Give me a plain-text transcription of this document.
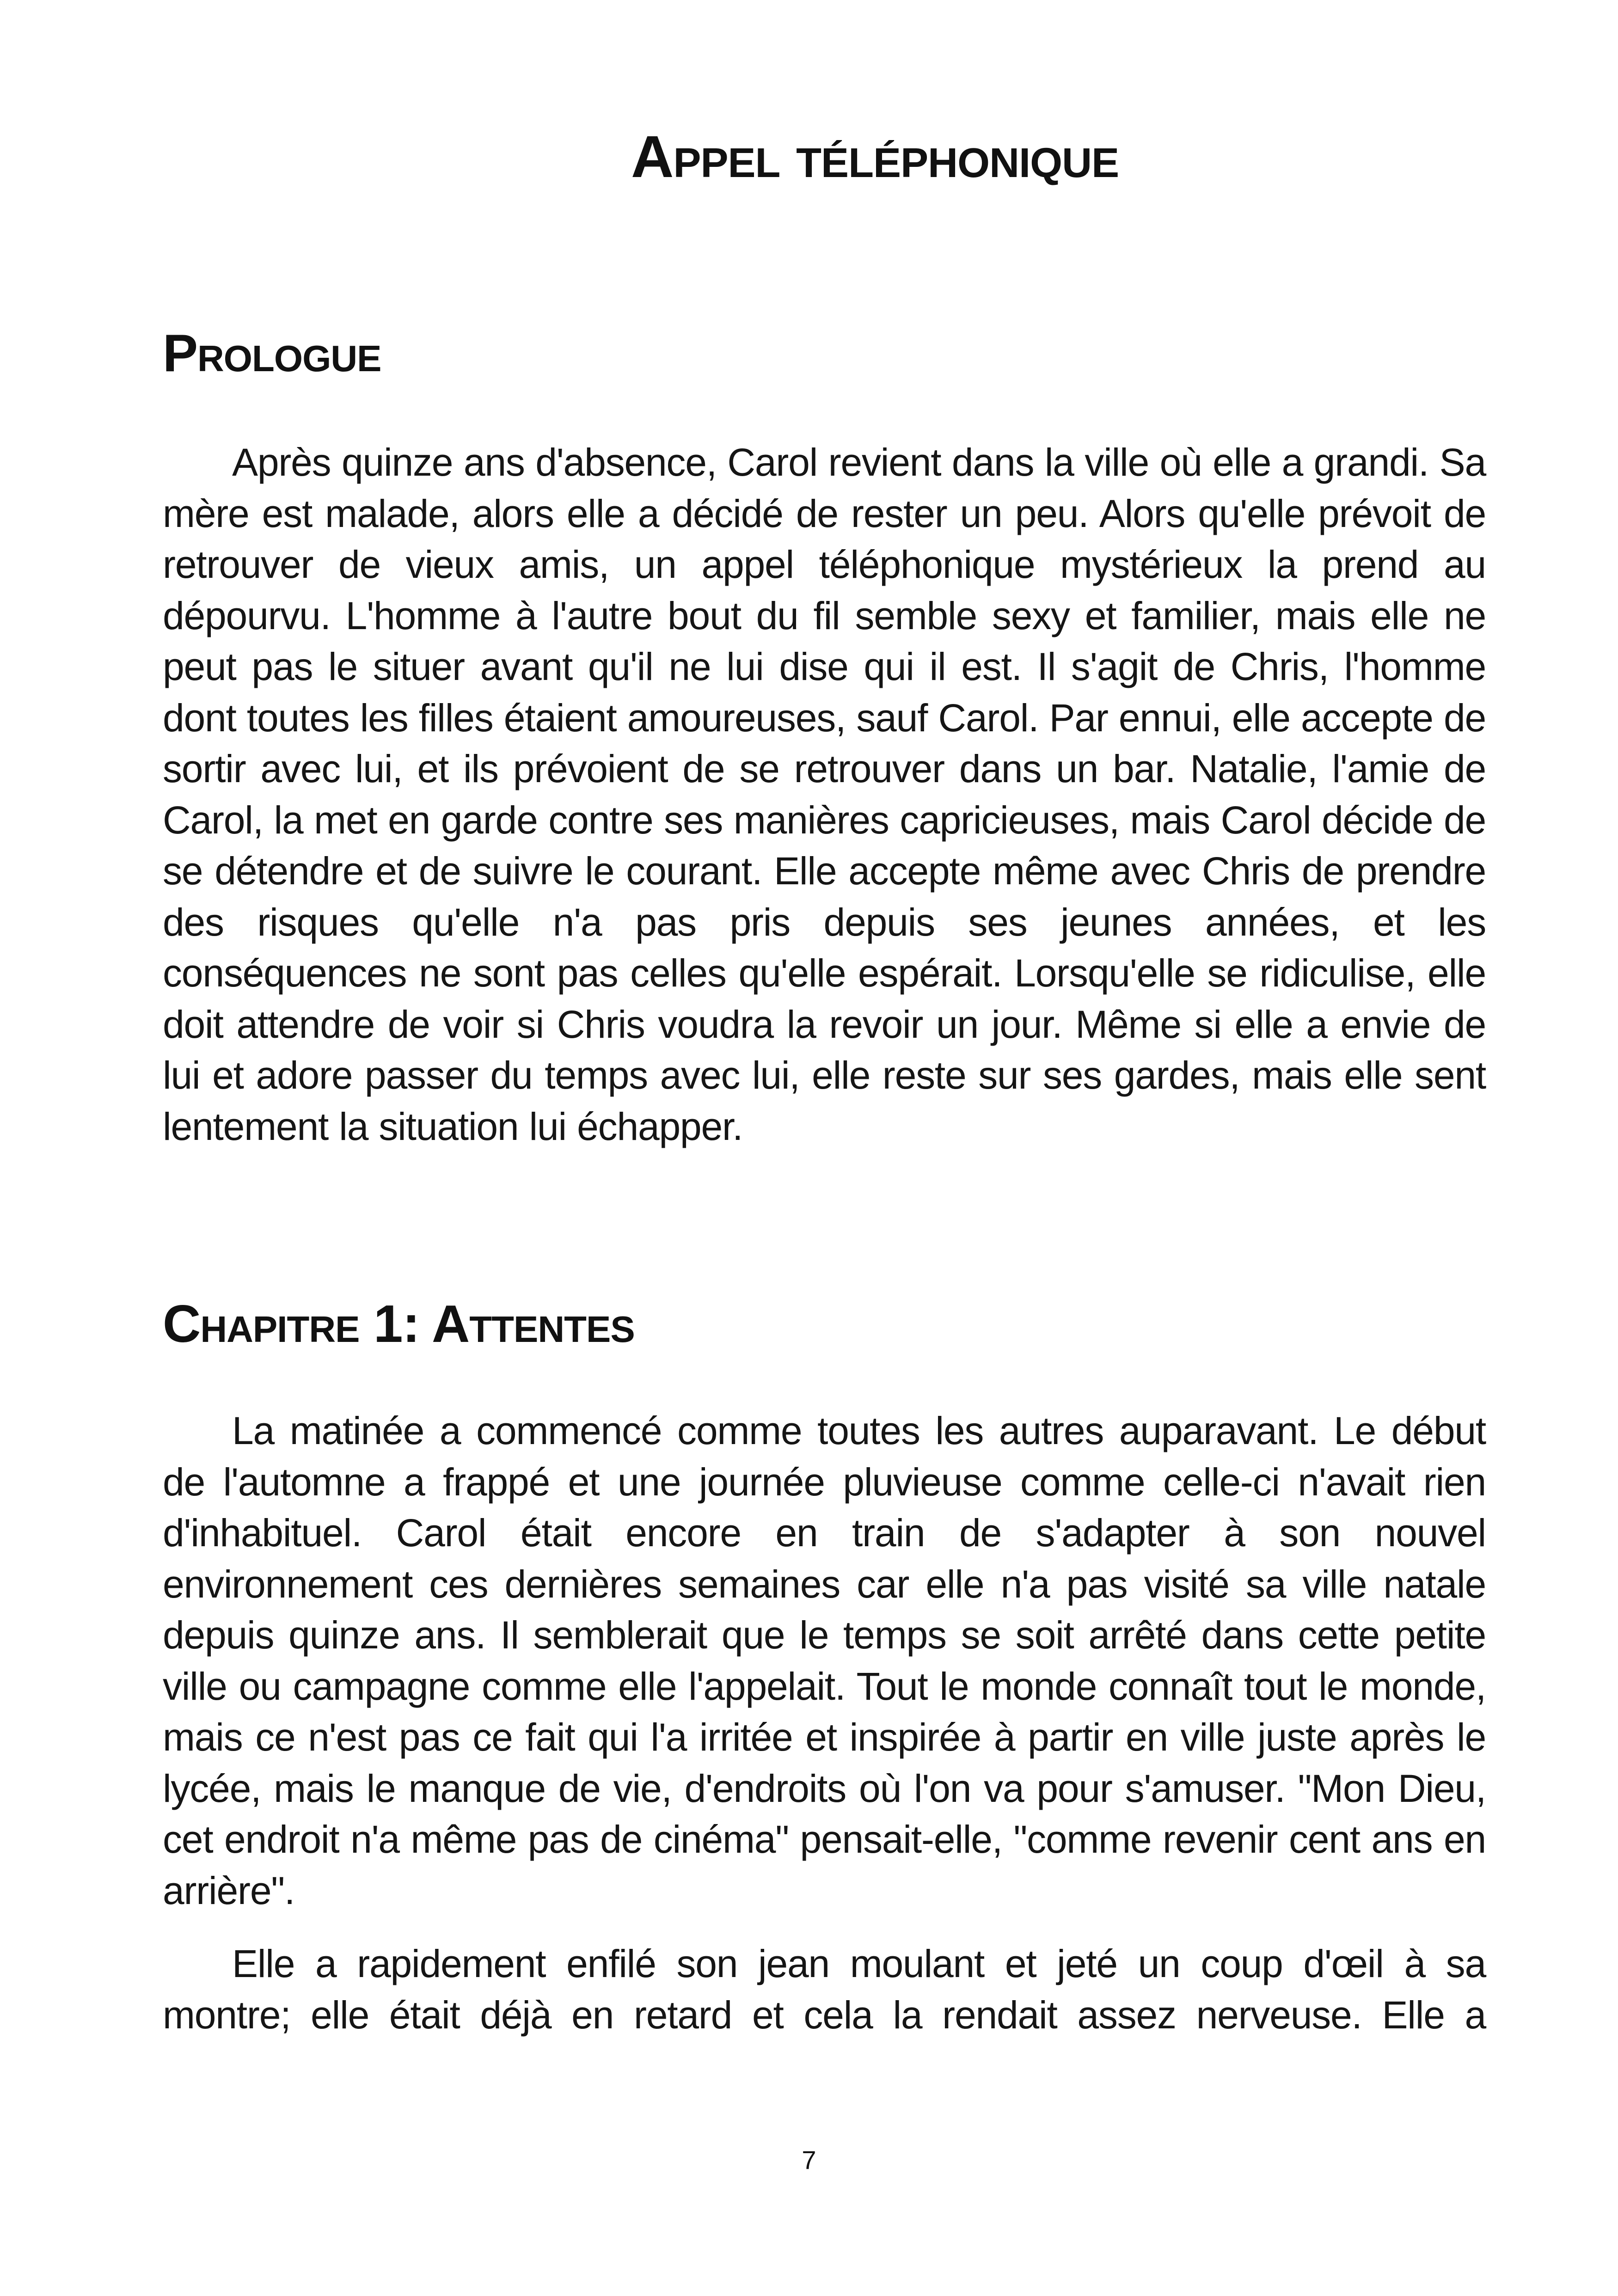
Appel téléphonique
Prologue

Après quinze ans d'absence, Carol revient dans la ville où elle a grandi. Sa mère est malade, alors elle a décidé de rester un peu. Alors qu'elle prévoit de retrouver de vieux amis, un appel téléphonique mystérieux la prend au dépourvu. L'homme à l'autre bout du fil semble sexy et familier, mais elle ne peut pas le situer avant qu'il ne lui dise qui il est. Il s'agit de Chris, l'homme dont toutes les filles étaient amoureuses, sauf Carol. Par ennui, elle accepte de sortir avec lui, et ils prévoient de se retrouver dans un bar. Natalie, l'amie de Carol, la met en garde contre ses manières capricieuses, mais Carol décide de se détendre et de suivre le courant. Elle accepte même avec Chris de prendre des risques qu'elle n'a pas pris depuis ses jeunes années, et les conséquences ne sont pas celles qu'elle espérait. Lorsqu'elle se ridiculise, elle doit attendre de voir si Chris voudra la revoir un jour. Même si elle a envie de lui et adore passer du temps avec lui, elle reste sur ses gardes, mais elle sent lentement la situation lui échapper.

Chapitre 1: Attentes

La matinée a commencé comme toutes les autres auparavant. Le début de l'automne a frappé et une journée pluvieuse comme celle-ci n'avait rien d'inhabituel. Carol était encore en train de s'adapter à son nouvel environnement ces dernières semaines car elle n'a pas visité sa ville natale depuis quinze ans. Il semblerait que le temps se soit arrêté dans cette petite ville ou campagne comme elle l'appelait. Tout le monde connaît tout le monde, mais ce n'est pas ce fait qui l'a irritée et inspirée à partir en ville juste après le lycée, mais le manque de vie, d'endroits où l'on va pour s'amuser. "Mon Dieu, cet endroit n'a même pas de cinéma" pensait-elle, "comme revenir cent ans en arrière".

Elle a rapidement enfilé son jean moulant et jeté un coup d'œil à sa montre; elle était déjà en retard et cela la rendait assez nerveuse. Elle a

7
